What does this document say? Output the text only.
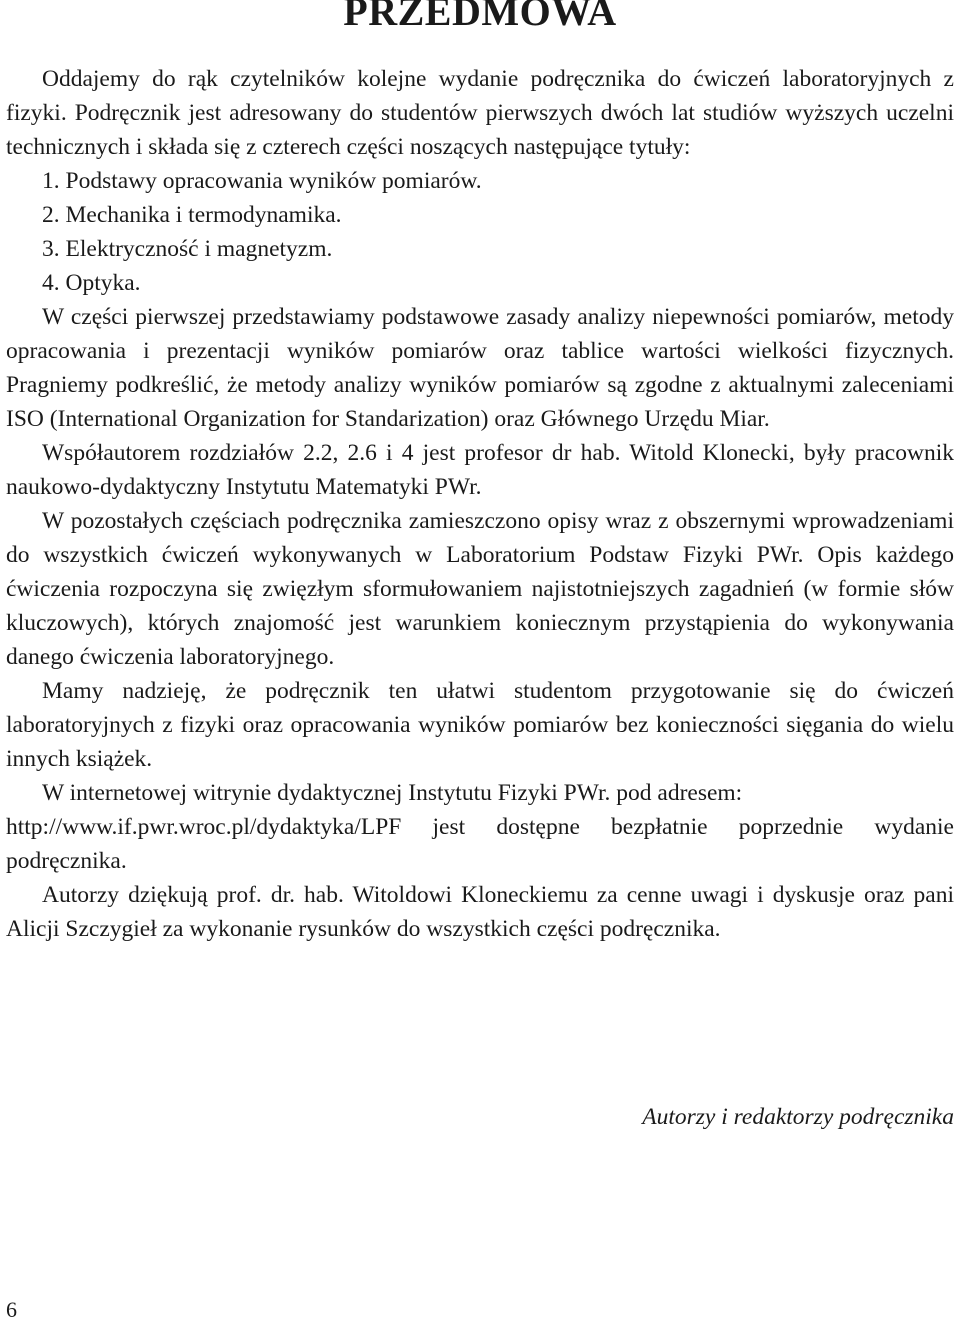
PRZEDMOWA

Oddajemy do rąk czytelników kolejne wydanie podręcznika do ćwiczeń laboratoryjnych z fizyki. Podręcznik jest adresowany do studentów pierwszych dwóch lat studiów wyższych uczelni technicznych i składa się z czterech części noszących następujące tytuły:

1. Podstawy opracowania wyników pomiarów.

2. Mechanika i termodynamika.

3. Elektryczność i magnetyzm.

4. Optyka.

W części pierwszej przedstawiamy podstawowe zasady analizy niepewności pomiarów, metody opracowania i prezentacji wyników pomiarów oraz tablice wartości wielkości fizycznych. Pragniemy podkreślić, że metody analizy wyników pomiarów są zgodne z aktualnymi zaleceniami ISO (International Organization for Standarization) oraz Głównego Urzędu Miar.

Współautorem rozdziałów 2.2, 2.6 i 4 jest profesor dr hab. Witold Klonecki, były pracownik naukowo-dydaktyczny Instytutu Matematyki PWr.

W pozostałych częściach podręcznika zamieszczono opisy wraz z obszernymi wprowadzeniami do wszystkich ćwiczeń wykonywanych w Laboratorium Podstaw Fizyki PWr. Opis każdego ćwiczenia rozpoczyna się zwięzłym sformułowaniem najistotniejszych zagadnień (w formie słów kluczowych), których znajomość jest warunkiem koniecznym przystąpienia do wykonywania danego ćwiczenia laboratoryjnego.

Mamy nadzieję, że podręcznik ten ułatwi studentom przygotowanie się do ćwiczeń laboratoryjnych z fizyki oraz opracowania wyników pomiarów bez konieczności sięgania do wielu innych książek.

W internetowej witrynie dydaktycznej Instytutu Fizyki PWr. pod adresem:

http://www.if.pwr.wroc.pl/dydaktyka/LPF jest dostępne bezpłatnie poprzednie wydanie podręcznika.

Autorzy dziękują prof. dr. hab. Witoldowi Kloneckiemu za cenne uwagi i dyskusje oraz pani Alicji Szczygieł za wykonanie rysunków do wszystkich części podręcznika.

Autorzy i redaktorzy podręcznika
6
